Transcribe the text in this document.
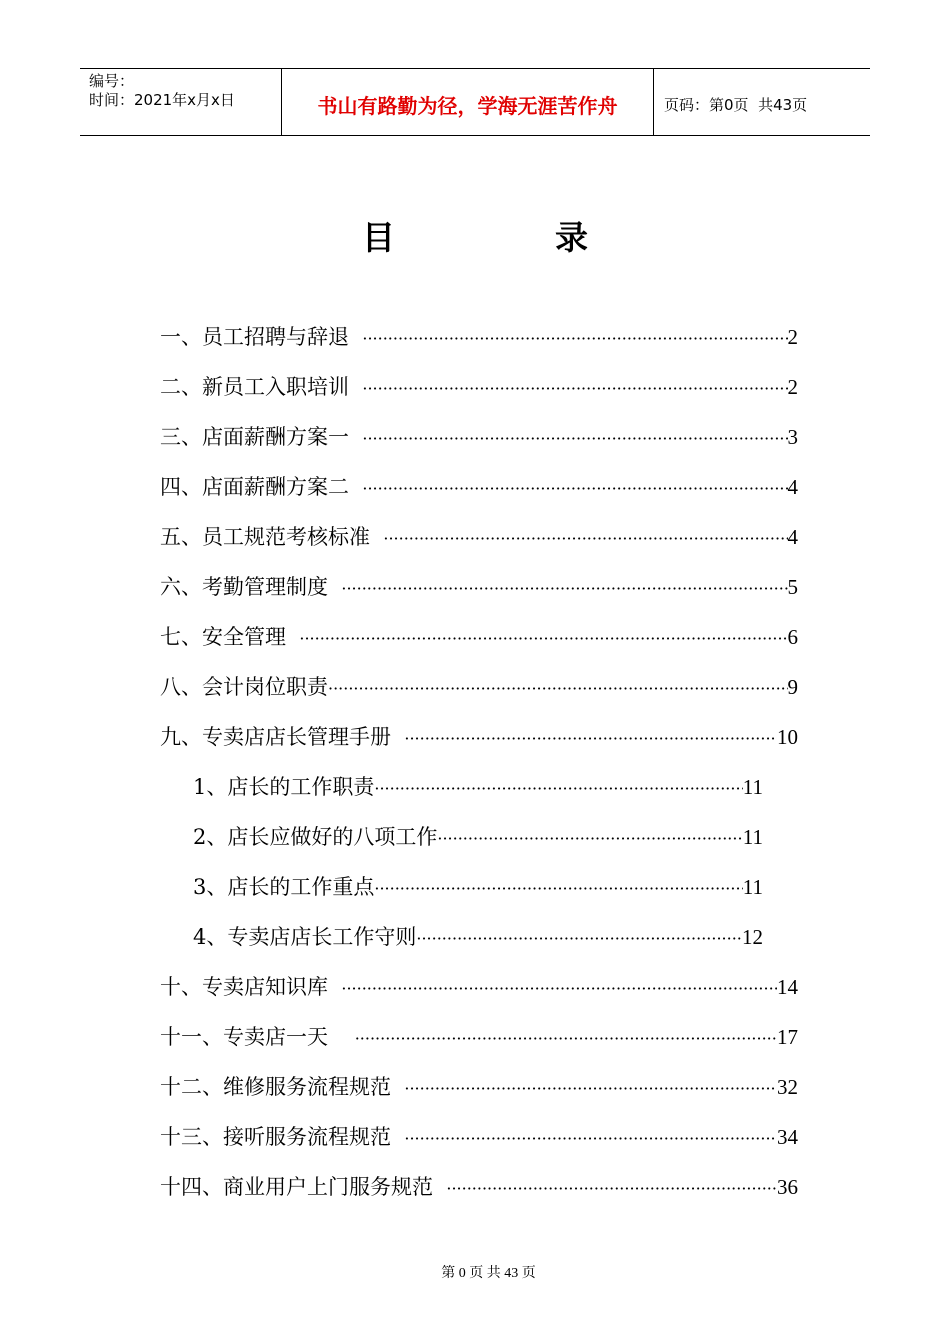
编号：
时间：2021年x月x日	书山有路勤为径，学海无涯苦作舟	页码：第0页  共43页
目	录
一、员工招聘与辞退 ·····	2
二、新员工入职培训 ·····	2
三、店面薪酬方案一 ·····	3
四、店面薪酬方案二 ·····	4
五、员工规范考核标准 ·····	4
六、考勤管理制度 ·····	5
七、安全管理 ·····	6
八、会计岗位职责 ·····	9
九、专卖店店长管理手册 ·····	10
1、店长的工作职责 ·····	11
2、店长应做好的八项工作 ·····	11
3、店长的工作重点 ·····	11
4、专卖店店长工作守则 ·····	12
十、专卖店知识库 ·····	14
十一、专卖店一天 ·····	17
十二、维修服务流程规范 ·····	32
十三、接听服务流程规范 ·····	34
十四、商业用户上门服务规范 ·····	36

第 0 页 共 43 页
